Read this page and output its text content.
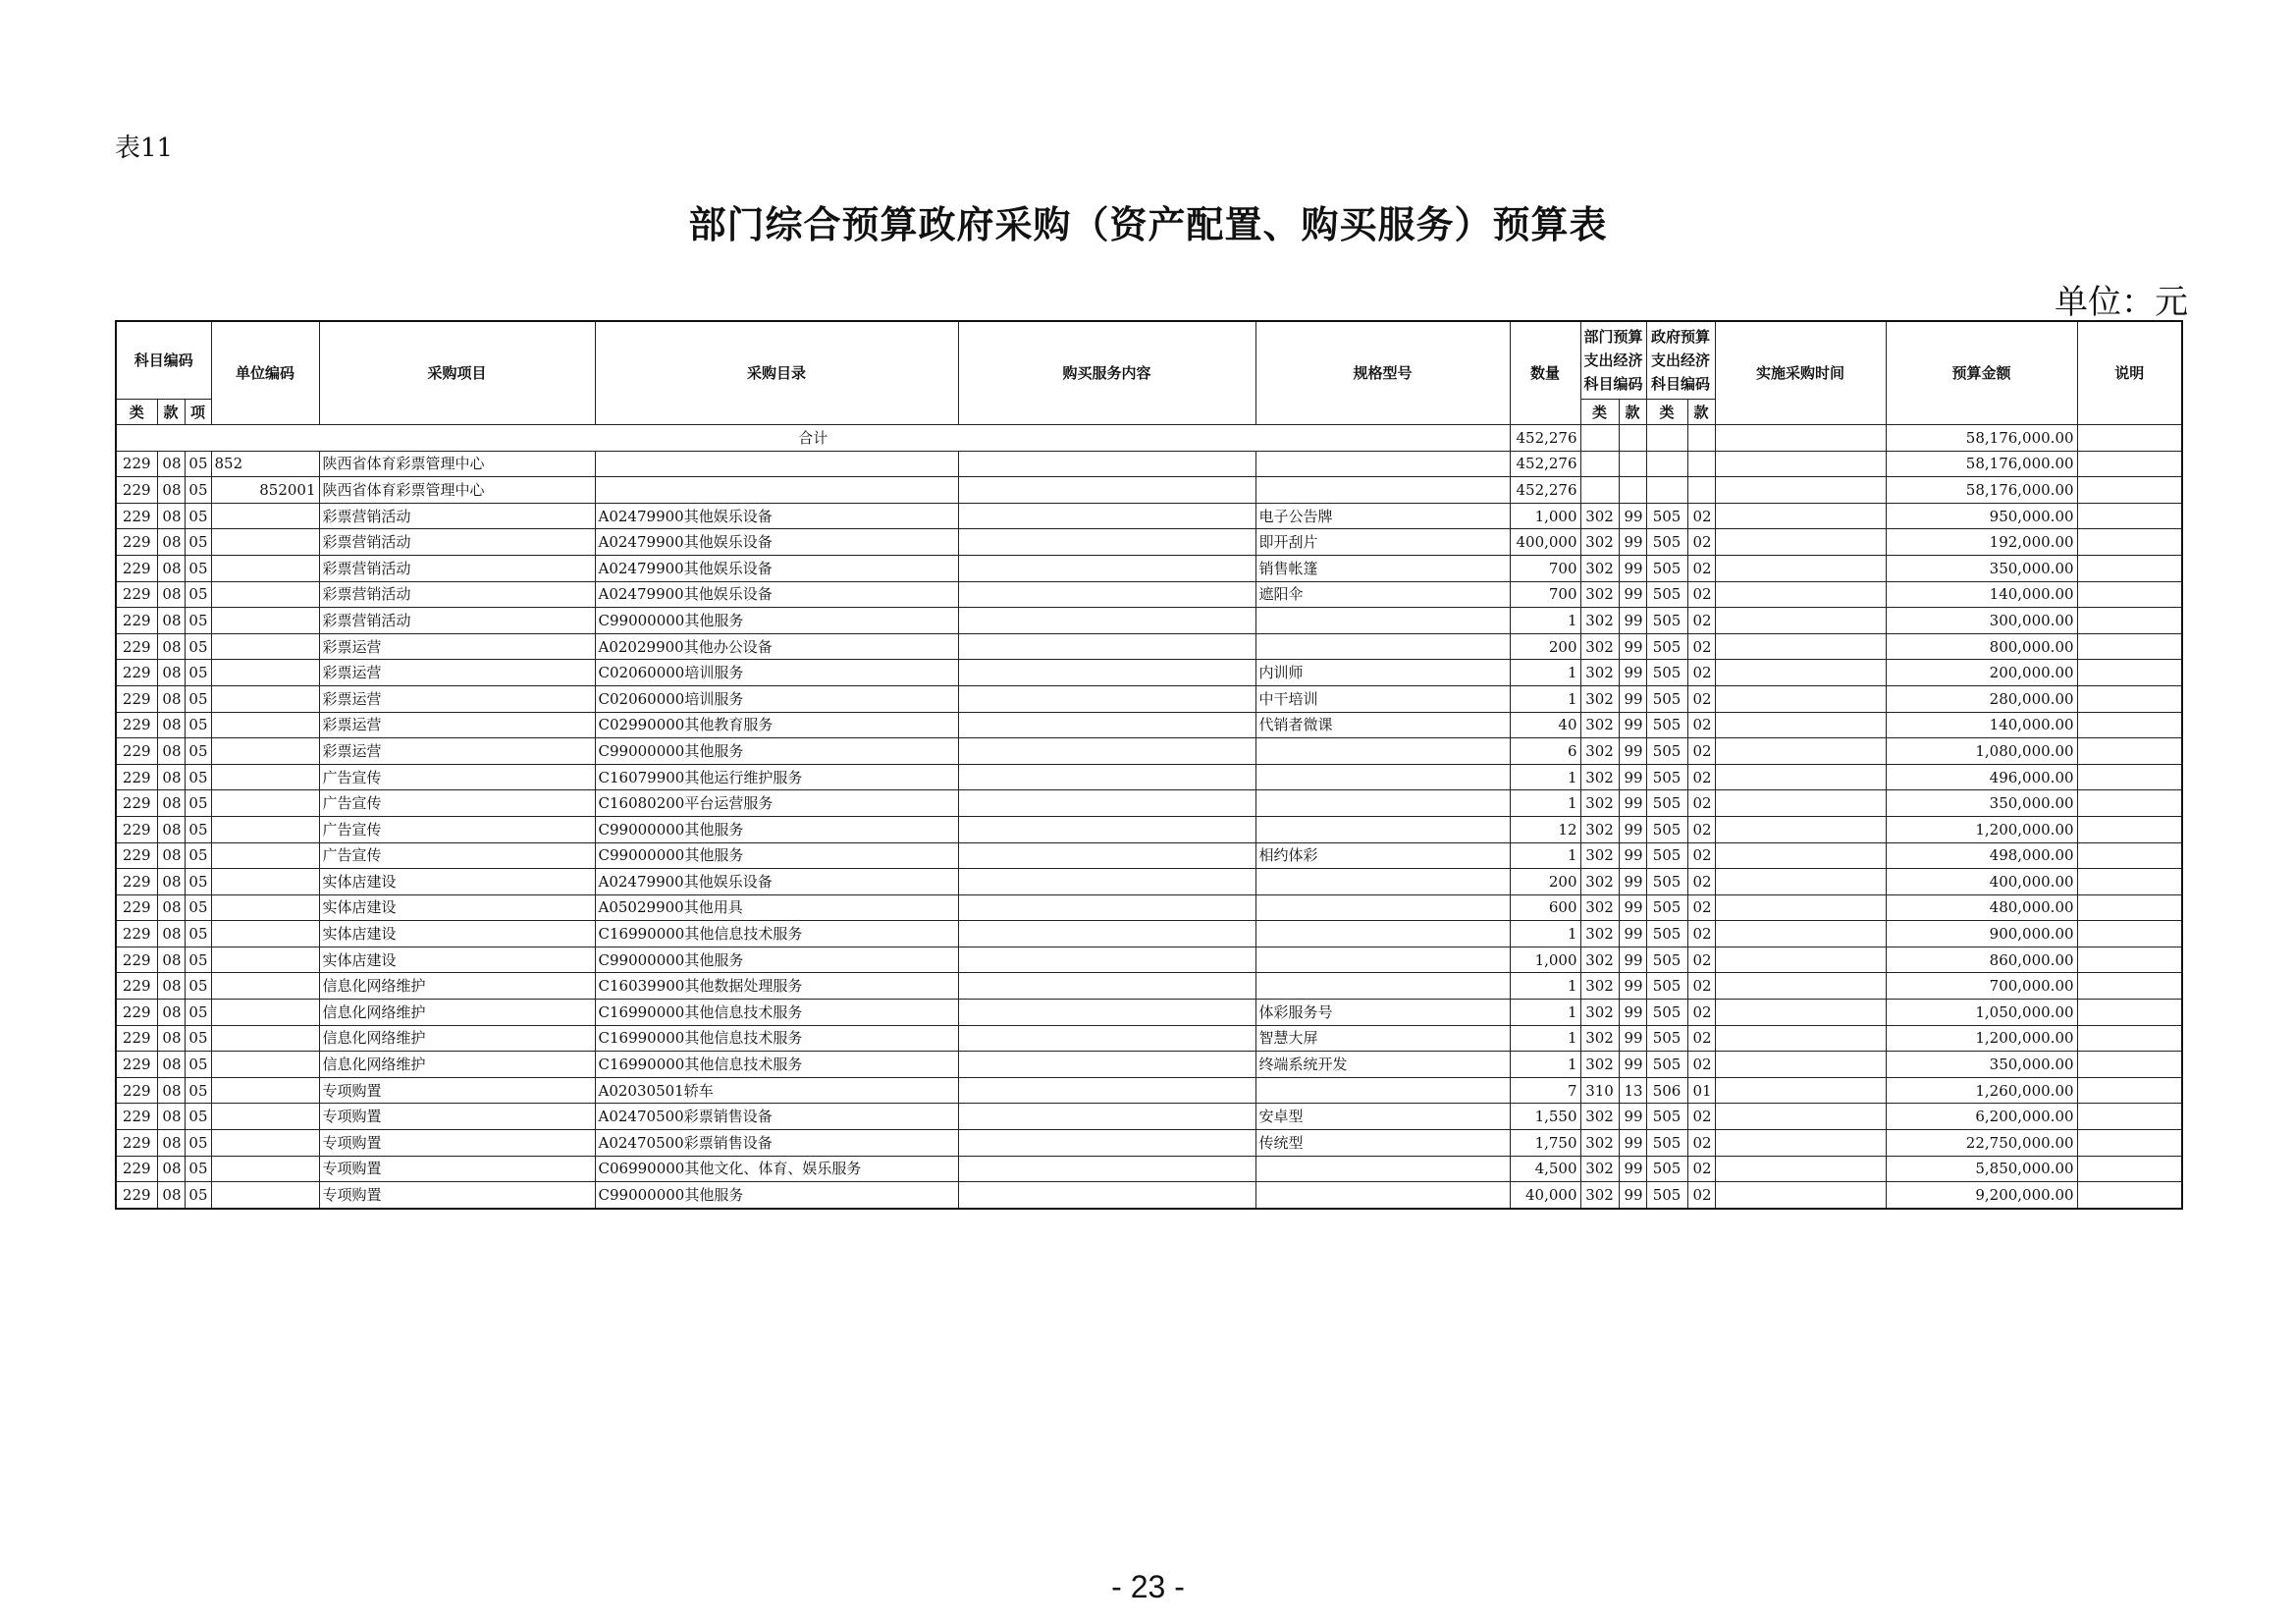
表11
部门综合预算政府采购（资产配置、购买服务）预算表
单位：元
科目编码			单位编码	采购项目	采购目录	购买服务内容	规格型号	数量	部门预算支出经济科目编码		政府预算支出经济科目编码		实施采购时间	预算金额	说明
类	款	项							类	款	类	款			
合计								452,276						58,176,000.00	
229	08	05	852	陕西省体育彩票管理中心				452,276						58,176,000.00	
229	08	05	852001	陕西省体育彩票管理中心				452,276						58,176,000.00	
229	08	05		彩票营销活动	A02479900其他娱乐设备		电子公告牌	1,000	302	99	505	02		950,000.00	
229	08	05		彩票营销活动	A02479900其他娱乐设备		即开刮片	400,000	302	99	505	02		192,000.00	
229	08	05		彩票营销活动	A02479900其他娱乐设备		销售帐篷	700	302	99	505	02		350,000.00	
229	08	05		彩票营销活动	A02479900其他娱乐设备		遮阳伞	700	302	99	505	02		140,000.00	
229	08	05		彩票营销活动	C99000000其他服务			1	302	99	505	02		300,000.00	
229	08	05		彩票运营	A02029900其他办公设备			200	302	99	505	02		800,000.00	
229	08	05		彩票运营	C02060000培训服务		内训师	1	302	99	505	02		200,000.00	
229	08	05		彩票运营	C02060000培训服务		中干培训	1	302	99	505	02		280,000.00	
229	08	05		彩票运营	C02990000其他教育服务		代销者微课	40	302	99	505	02		140,000.00	
229	08	05		彩票运营	C99000000其他服务			6	302	99	505	02		1,080,000.00	
229	08	05		广告宣传	C16079900其他运行维护服务			1	302	99	505	02		496,000.00	
229	08	05		广告宣传	C16080200平台运营服务			1	302	99	505	02		350,000.00	
229	08	05		广告宣传	C99000000其他服务			12	302	99	505	02		1,200,000.00	
229	08	05		广告宣传	C99000000其他服务		相约体彩	1	302	99	505	02		498,000.00	
229	08	05		实体店建设	A02479900其他娱乐设备			200	302	99	505	02		400,000.00	
229	08	05		实体店建设	A05029900其他用具			600	302	99	505	02		480,000.00	
229	08	05		实体店建设	C16990000其他信息技术服务			1	302	99	505	02		900,000.00	
229	08	05		实体店建设	C99000000其他服务			1,000	302	99	505	02		860,000.00	
229	08	05		信息化网络维护	C16039900其他数据处理服务			1	302	99	505	02		700,000.00	
229	08	05		信息化网络维护	C16990000其他信息技术服务		体彩服务号	1	302	99	505	02		1,050,000.00	
229	08	05		信息化网络维护	C16990000其他信息技术服务		智慧大屏	1	302	99	505	02		1,200,000.00	
229	08	05		信息化网络维护	C16990000其他信息技术服务		终端系统开发	1	302	99	505	02		350,000.00	
229	08	05		专项购置	A02030501轿车			7	310	13	506	01		1,260,000.00	
229	08	05		专项购置	A02470500彩票销售设备		安卓型	1,550	302	99	505	02		6,200,000.00	
229	08	05		专项购置	A02470500彩票销售设备		传统型	1,750	302	99	505	02		22,750,000.00	
229	08	05		专项购置	C06990000其他文化、体育、娱乐服务			4,500	302	99	505	02		5,850,000.00	
229	08	05		专项购置	C99000000其他服务			40,000	302	99	505	02		9,200,000.00	
- 23 -
